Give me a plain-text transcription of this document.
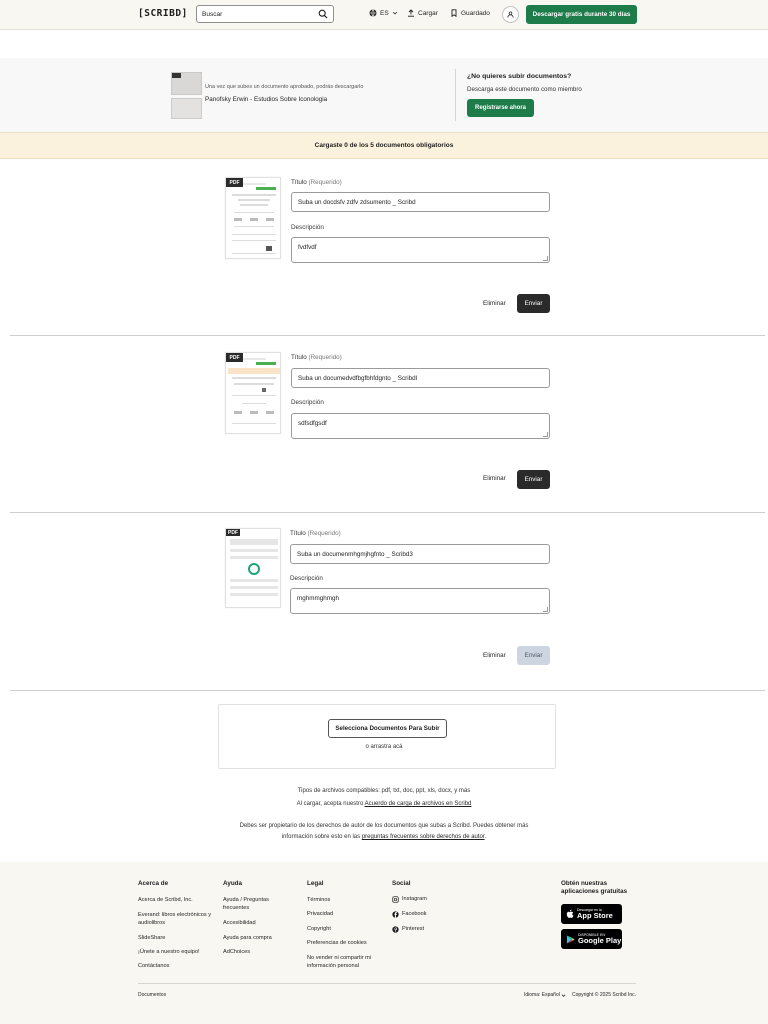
[SCRIBD]
Buscar	ES	Cargar	Guardado	Descargar gratis durante 30 días
Una vez que subes un documento aprobado, podrás descargarlo
Panofsky Erwin - Estudios Sobre Iconologia
¿No quieres subir documentos?
Descarga este documento como miembro
Registrarse ahora
Cargaste 0 de los 5 documentos obligatorios
PDF	Título (Requerido)
Suba un docdsfv zdfv zdsumento _ Scribd
Descripción
fvdfvdf
Eliminar	Enviar
PDF	Título (Requerido)
Suba un documedvdfbgfbhfdgnto _ Scribdl
Descripción
sdfsdfgsdf
Eliminar	Enviar
PDF	Título (Requerido)
Suba un documenmhgmjhgfnto _ Scribd3
Descripción
mghmmghmgh
Eliminar	Enviar
Selecciona Documentos Para Subir
o arrastra acá
Tipos de archivos compatibles: pdf, txt, doc, ppt, xls, docx, y más
Al cargar, acepta nuestro Acuerdo de carga de archivos en Scribd
Debes ser propietario de los derechos de autor de los documentos que subas a Scribd. Puedes obtener más
información sobre esto en las preguntas frecuentes sobre derechos de autor.
Acerca de
Acerca de Scribd, Inc.
Everand: libros electrónicos y audiolibros
SlideShare
¡Únete a nuestro equipo!
Contáctanos
Ayuda
Ayuda / Preguntas frecuentes
Accesibilidad
Ayuda para compra
AdChoices
Legal
Términos
Privacidad
Copyright
Preferencias de cookies
No vender ni compartir mi información personal
Social
Instagram
Facebook
Pinterest
Obtén nuestras aplicaciones gratuitas
Descargar en la
App Store
DISPONIBLE EN
Google Play
Documentos	Idioma: Español Copyright © 2025 Scribd Inc.
